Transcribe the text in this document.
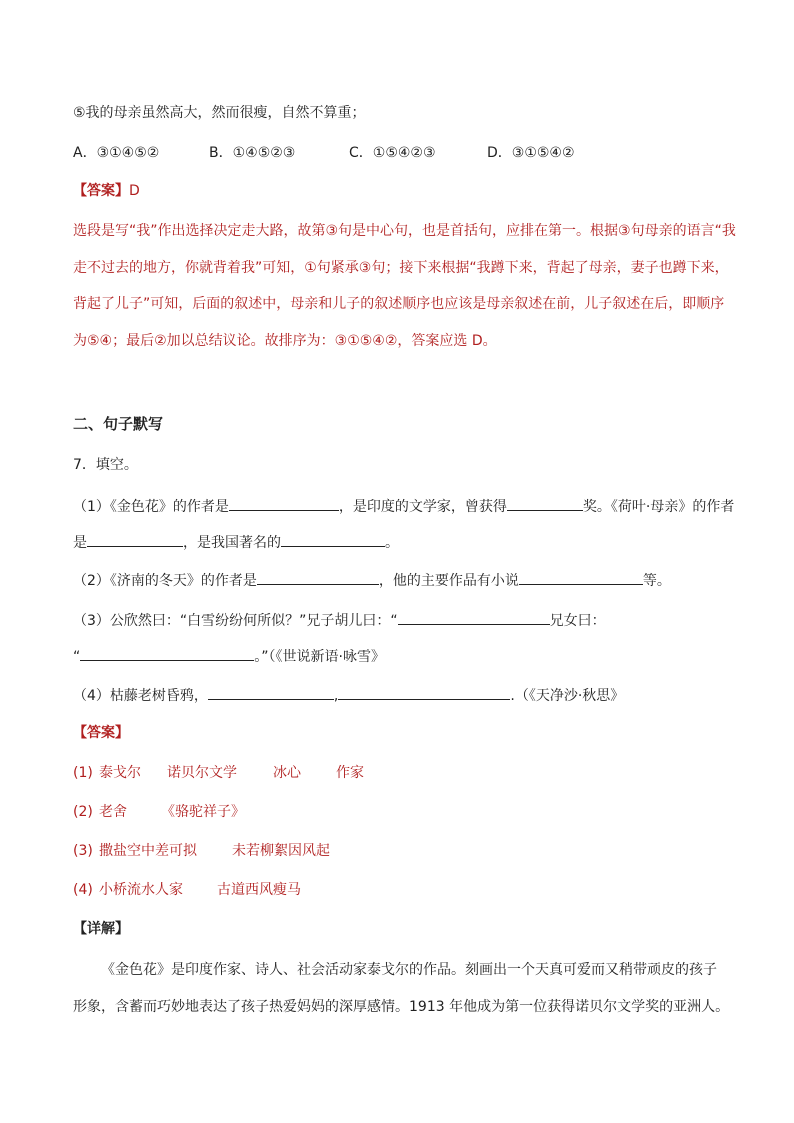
⑤我的母亲虽然高大，然而很瘦，自然不算重；
A．③①④⑤②	B．①④⑤②③	C．①⑤④②③	D．③①⑤④②
【答案】D
选段是写“我”作出选择决定走大路，故第③句是中心句，也是首括句，应排在第一。根据③句母亲的语言“我
走不过去的地方，你就背着我”可知，①句紧承③句；接下来根据“我蹲下来，背起了母亲，妻子也蹲下来，
背起了儿子”可知，后面的叙述中，母亲和儿子的叙述顺序也应该是母亲叙述在前，儿子叙述在后，即顺序
为⑤④；最后②加以总结议论。故排序为：③①⑤④②，答案应选 D。
二、句子默写
7．填空。
（1）《金色花》的作者是	，是印度的文学家，曾获得	奖。《荷叶·母亲》的作者
是	，是我国著名的	。
（2）《济南的冬天》的作者是	，他的主要作品有小说	等。
（3）公欣然曰：“白雪纷纷何所似？”兄子胡儿曰：“	兄女曰：
“	。”（《世说新语·咏雪》
（4）枯藤老树昏鸦，	,	.（《天净沙·秋思》
【答案】
(1) 泰戈尔 诺贝尔文学	冰心	作家
(2) 老舍 《骆驼祥子》
(3) 撒盐空中差可拟	未若柳絮因风起
(4) 小桥流水人家 古道西风瘦马
【详解】
《金色花》是印度作家、诗人、社会活动家泰戈尔的作品。刻画出一个天真可爱而又稍带顽皮的孩子
形象，含蓄而巧妙地表达了孩子热爱妈妈的深厚感情。1913 年他成为第一位获得诺贝尔文学奖的亚洲人。
